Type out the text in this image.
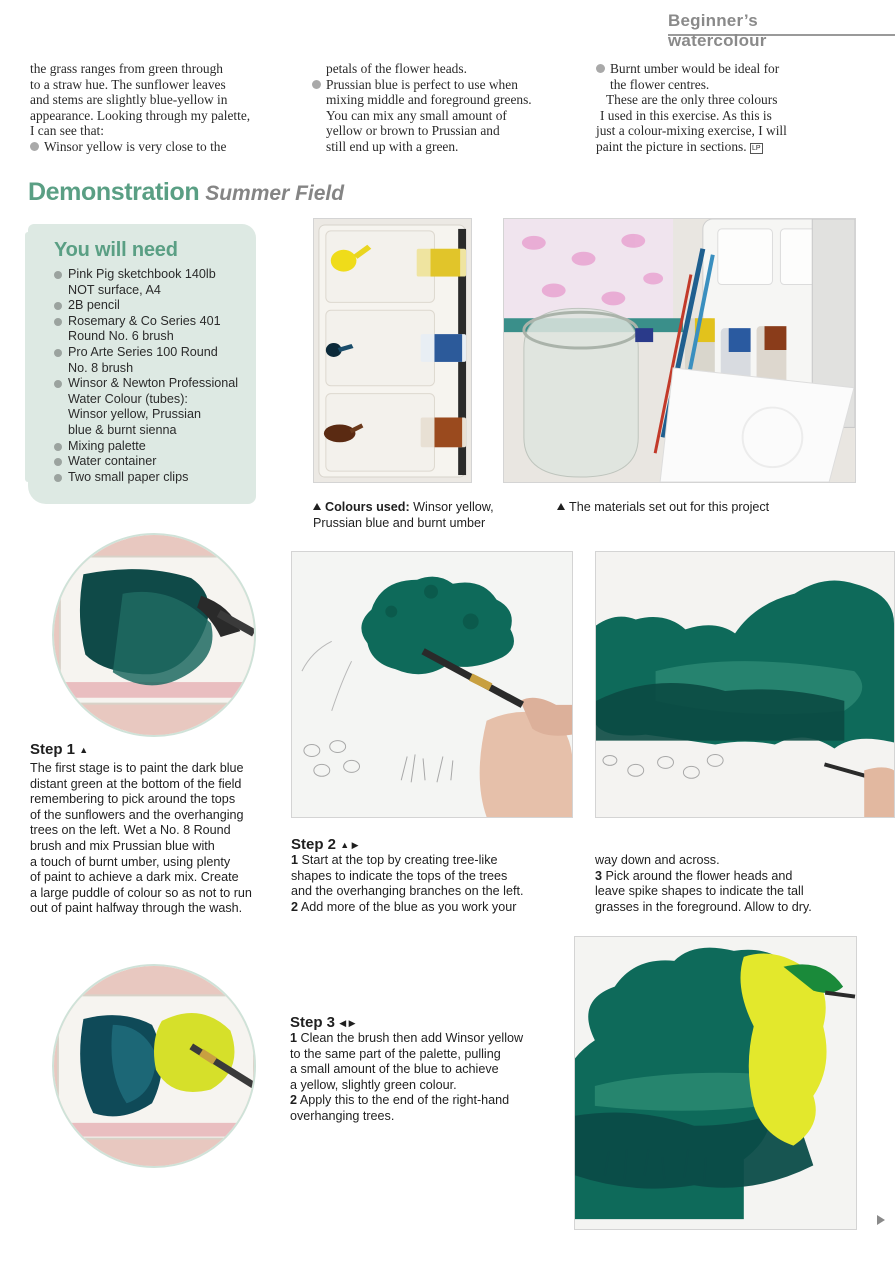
Beginner’s watercolour

the grass ranges from green through

to a straw hue. The sunflower leaves

and stems are slightly blue-yellow in

appearance. Looking through my palette,

I can see that:

Winsor yellow is very close to the

petals of the flower heads.

Prussian blue is perfect to use when

mixing middle and foreground greens.

You can mix any small amount of

yellow or brown to Prussian and

still end up with a green.

Burnt umber would be ideal for

the flower centres.

These are the only three colours

I used in this exercise. As this is

just a colour-mixing exercise, I will

paint the picture in sections. LP

Demonstration Summer Field
You will need
Pink Pig sketchbook 140lb
NOT surface, A4
2B pencil
Rosemary & Co Series 401
Round No. 6 brush
Pro Arte Series 100 Round
No. 8 brush
Winsor & Newton Professional
Water Colour (tubes):
Winsor yellow, Prussian
blue & burnt sienna
Mixing palette
Water container
Two small paper clips
Colours used: Winsor yellow,
Prussian blue and burnt umber
The materials set out for this project
Step 1 ▲

The first stage is to paint the dark blue

distant green at the bottom of the field

remembering to pick around the tops

of the sunflowers and the overhanging

trees on the left. Wet a No. 8 Round

brush and mix Prussian blue with

a touch of burnt umber, using plenty

of paint to achieve a dark mix. Create

a large puddle of colour so as not to run

out of paint halfway through the wash.

Step 2 ▲ ▶

1 Start at the top by creating tree-like

shapes to indicate the tops of the trees

and the overhanging branches on the left.

2 Add more of the blue as you work your

way down and across.

3 Pick around the flower heads and

leave spike shapes to indicate the tall

grasses in the foreground. Allow to dry.

Step 3 ◀ ▶

1 Clean the brush then add Winsor yellow

to the same part of the palette, pulling

a small amount of the blue to achieve

a yellow, slightly green colour.

2 Apply this to the end of the right-hand

overhanging trees.
